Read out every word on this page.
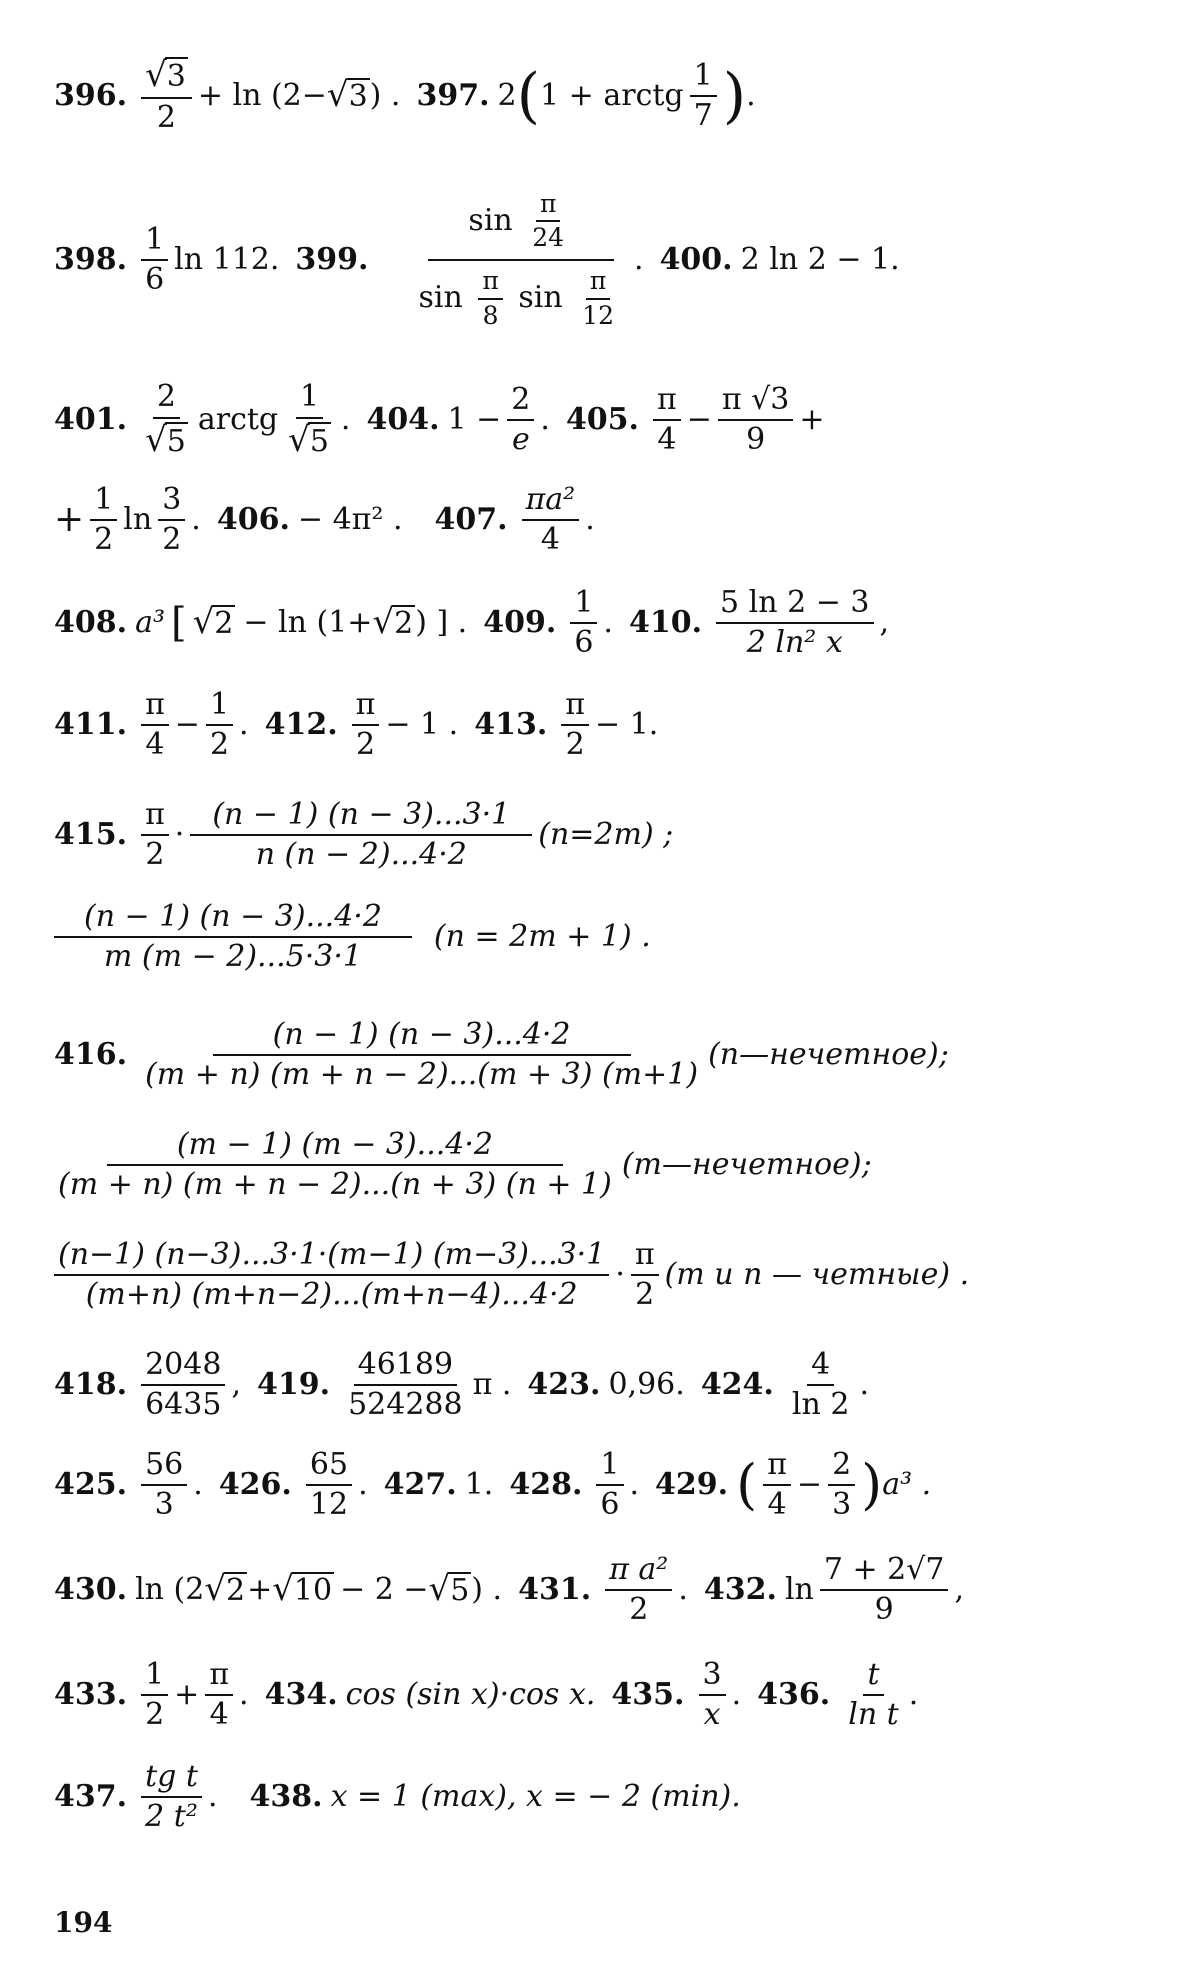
396. $\frac{√3}{2} + \ln (2-$ √ 3 ) . 397. 2 ( 1 + arctg $\frac{1}{7}$ ) .
398. $\frac{1}{6}$ ln 112. 399. $\frac{\sin \frac{\pi}{24}}{\sin \frac{\pi}{8} \sin \frac{\pi}{12}}$ . 400. 2 ln 2 − 1.
401. $\frac{2}{√5}$ arctg $\frac{1}{√5}$ . 404. $1 - \frac{2}{e}$ . 405. $\frac{\pi}{4} - \frac{\pi √3}{9}$ +
+ $\frac{1}{2}$ $\ln \frac{3}{2}$ . 406. − 4π² . 407. $\frac{\text{πa²}}{4}$ .
408. a³ [ √ 2 − ln (1+ √ 2 ) ] . 409. $\frac{1}{6}$ . 410. $\frac{5 \ln 2 - 3}{\text{2 ln² x}}$ ,
411. $\frac{\pi}{4} - \frac{1}{2}$ . 412. $\frac{\pi}{2} - 1$ . 413. $\frac{\pi}{2} - 1$.
415. $\frac{\pi}{2} \cdot \frac{(n - 1) (n - 3)...3\cdot 1}{n (n - 2)...4\cdot 2} (n=2m)$ ;
$\frac{(n - 1) (n - 3)...4\cdot 2}{m (m - 2)...5\cdot 3\cdot 1} (n = 2m + 1)$ .
416. $\frac{(n - 1) (n - 3)...4\cdot 2}{(m + n) (m + n - 2)...(m + 3) (m+1)}$ (n—нечетное);
$\frac{(m - 1) (m - 3)...4\cdot 2}{(m + n) (m + n - 2)...(n + 3) (n + 1)}$ (m—нечетное);
$\frac{(n-1) (n-3)...3\cdot 1\cdot(m-1) (m-3)...3\cdot 1}{(m+n) (m+n-2)...(m+n-4)...4\cdot 2} \cdot \frac{\pi}{2} (m$ и n — четные) .
418. $\frac{2048}{6435}$ , 419. $\frac{46189}{524288}$ π . 423. 0,96. 424. $\frac{4}{\ln 2}$ .
425. $\frac{56}{3}$ . 426. $\frac{65}{12}$ . 427. 1. 428. $\frac{1}{6}$ . 429. ( $\frac{\pi}{4} - \frac{2}{3}$ ) a³ .
430. ln (2 √ 2 + √ 10 − 2 − √ 5 ) . 431. $\frac{\text{π a²}}{2}$ . 432. $\ln \frac{7 + 2√7}{9}$ ,
433. $\frac{1}{2} + \frac{\pi}{4}$ . 434. cos (sin x)·cos x. 435. $\frac{3}{x}$ . 436. $\frac{t}{\text{ln t}}$ .
437. $\frac{\text{tg t}}{\text{2 t²}}$ . 438. x = 1 (max), x = − 2 (min).
194
